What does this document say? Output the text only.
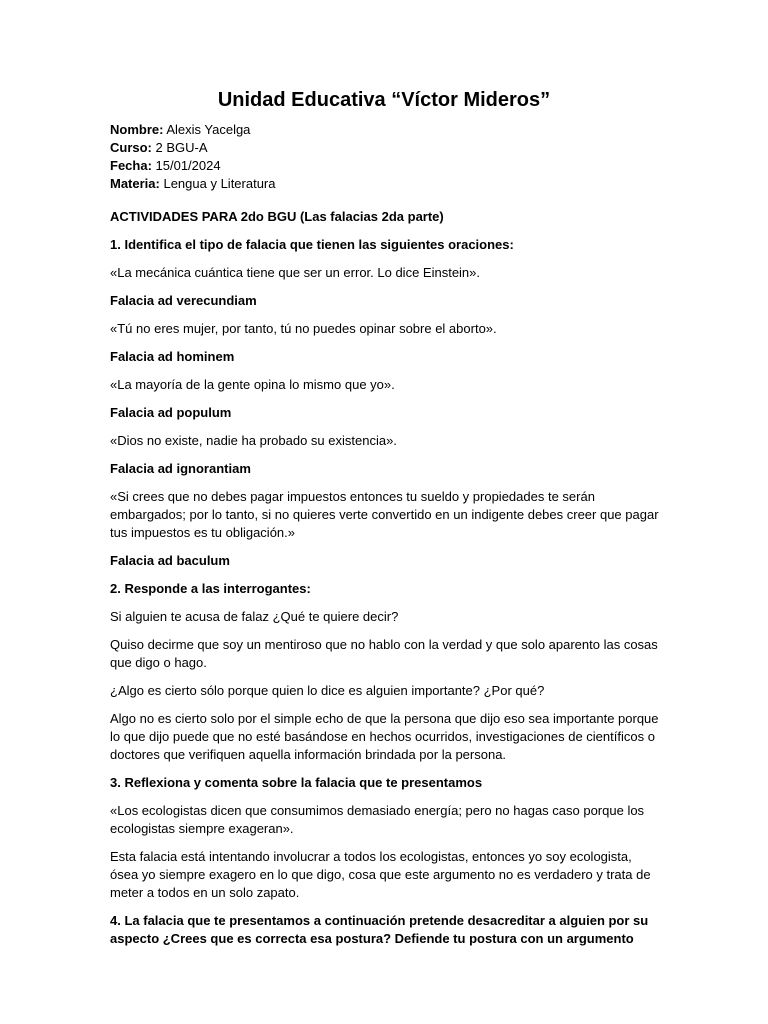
Unidad Educativa “Víctor Mideros”
Nombre: Alexis Yacelga
Curso: 2 BGU-A
Fecha: 15/01/2024
Materia: Lengua y Literatura

ACTIVIDADES PARA 2do BGU (Las falacias 2da parte)

1. Identifica el tipo de falacia que tienen las siguientes oraciones:

«La mecánica cuántica tiene que ser un error. Lo dice Einstein».

Falacia ad verecundiam

«Tú no eres mujer, por tanto, tú no puedes opinar sobre el aborto».

Falacia ad hominem

«La mayoría de la gente opina lo mismo que yo».

Falacia ad populum

«Dios no existe, nadie ha probado su existencia».

Falacia ad ignorantiam

«Si crees que no debes pagar impuestos entonces tu sueldo y propiedades te serán embargados; por lo tanto, si no quieres verte convertido en un indigente debes creer que pagar tus impuestos es tu obligación.»

Falacia ad baculum

2. Responde a las interrogantes:

Si alguien te acusa de falaz ¿Qué te quiere decir?

Quiso decirme que soy un mentiroso que no hablo con la verdad y que solo aparento las cosas que digo o hago.

¿Algo es cierto sólo porque quien lo dice es alguien importante? ¿Por qué?

Algo no es cierto solo por el simple echo de que la persona que dijo eso sea importante porque lo que dijo puede que no esté basándose en hechos ocurridos, investigaciones de científicos o doctores que verifiquen aquella información brindada por la persona.

3. Reflexiona y comenta sobre la falacia que te presentamos

«Los ecologistas dicen que consumimos demasiado energía; pero no hagas caso porque los ecologistas siempre exageran».

Esta falacia está intentando involucrar a todos los ecologistas, entonces yo soy ecologista, ósea yo siempre exagero en lo que digo, cosa que este argumento no es verdadero y trata de meter a todos en un solo zapato.

4. La falacia que te presentamos a continuación pretende desacreditar a alguien por su aspecto ¿Crees que es correcta esa postura? Defiende tu postura con un argumento
